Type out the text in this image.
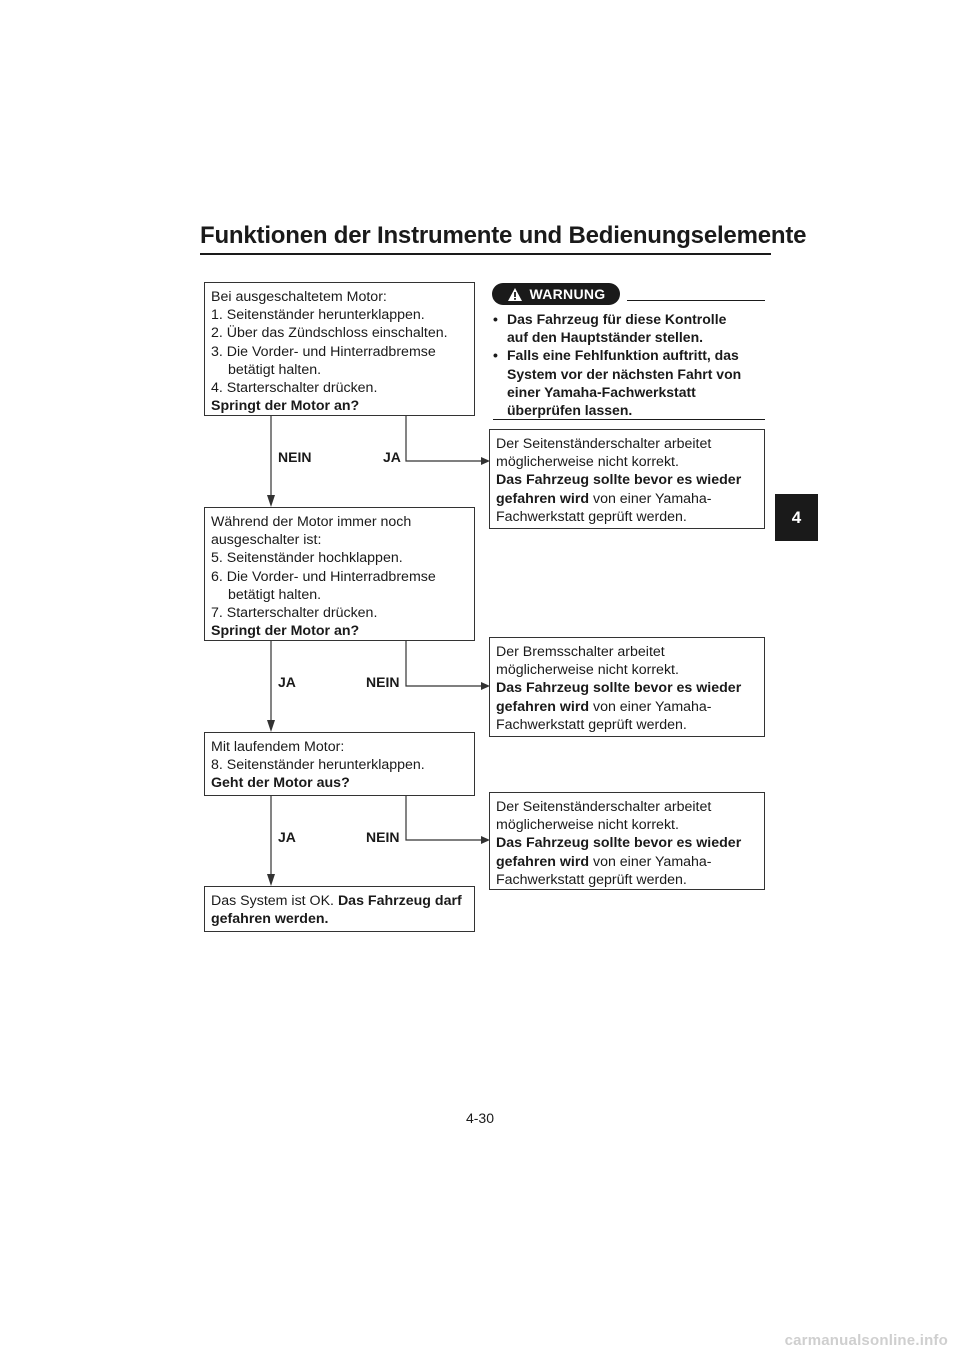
Funktionen der Instrumente und Bedienungselemente
4
Bei ausgeschaltetem Motor:
1. Seitenständer herunterklappen.
2. Über das Zündschloss einschalten.
3. Die Vorder- und Hinterradbremse
betätigt halten.
4. Starterschalter drücken.
Springt der Motor an?
Während der Motor immer noch
ausgeschalter ist:
5. Seitenständer hochklappen.
6. Die Vorder- und Hinterradbremse
betätigt halten.
7. Starterschalter drücken.
Springt der Motor an?
Mit laufendem Motor:
8. Seitenständer herunterklappen.
Geht der Motor aus?
Das System ist OK. Das Fahrzeug darf
gefahren werden.
Der Seitenständerschalter arbeitet
möglicherweise nicht korrekt.
Das Fahrzeug sollte bevor es wieder
gefahren wird von einer Yamaha-
Fachwerkstatt geprüft werden.
Der Bremsschalter arbeitet
möglicherweise nicht korrekt.
Das Fahrzeug sollte bevor es wieder
gefahren wird von einer Yamaha-
Fachwerkstatt geprüft werden.
Der Seitenständerschalter arbeitet
möglicherweise nicht korrekt.
Das Fahrzeug sollte bevor es wieder
gefahren wird von einer Yamaha-
Fachwerkstatt geprüft werden.
WARNUNG
• Das Fahrzeug für diese Kontrolle
auf den Hauptständer stellen.
• Falls eine Fehlfunktion auftritt, das
System vor der nächsten Fahrt von
einer Yamaha-Fachwerkstatt
überprüfen lassen.
NEIN	JA
JA	NEIN
JA	NEIN
4-30
carmanualsonline.info
